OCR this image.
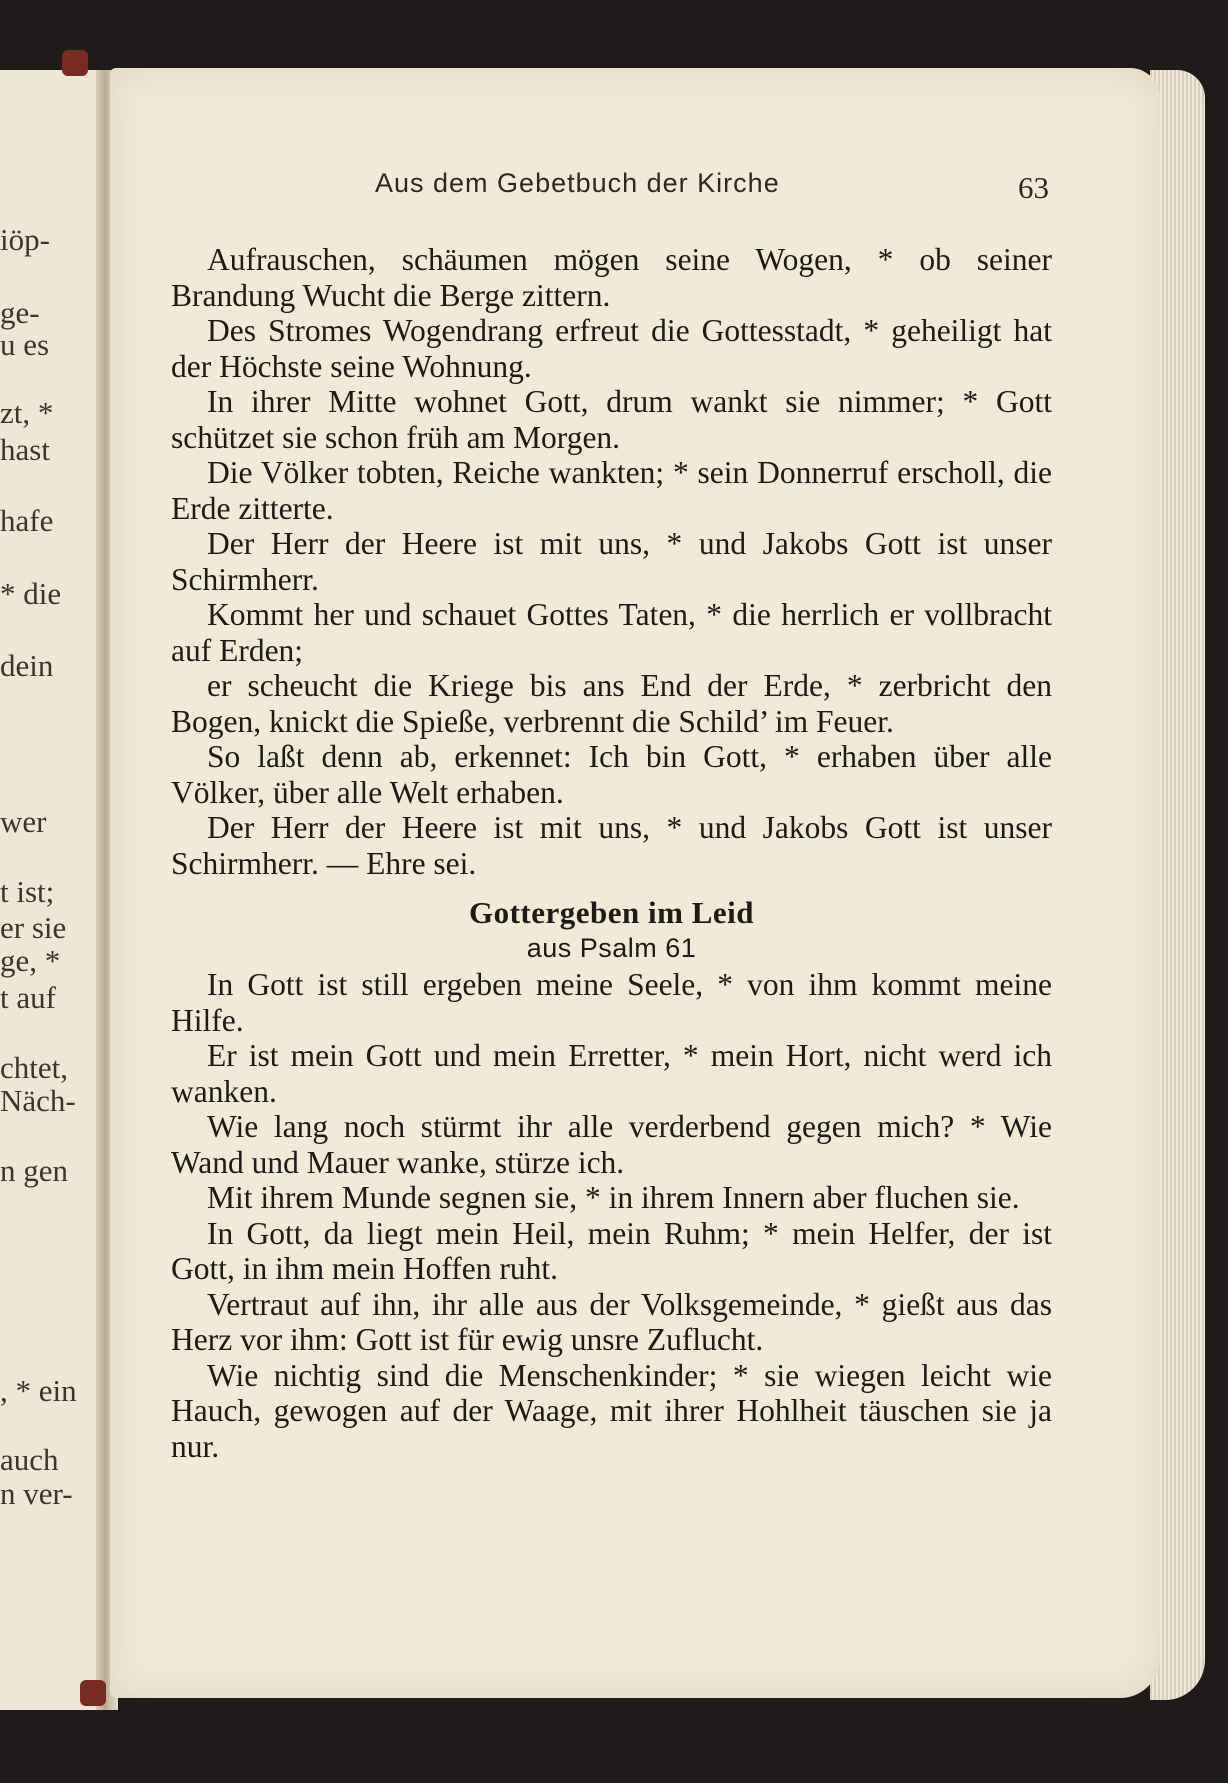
iöp-
ge-
u es
zt, *
hast
hafe
* die
dein
wer
t ist;
er sie
ge, *
t auf
chtet,
Näch-
n gen
, * ein
auch
n ver-
Aus dem Gebetbuch der Kirche	63

Aufrauschen, schäumen mögen seine Wogen, * ob seiner Brandung Wucht die Berge zittern.

Des Stromes Wogendrang erfreut die Gottesstadt, * geheiligt hat der Höchste seine Wohnung.

In ihrer Mitte wohnet Gott, drum wankt sie nimmer; * Gott schützet sie schon früh am Morgen.

Die Völker tobten, Reiche wankten; * sein Donnerruf erscholl, die Erde zitterte.

Der Herr der Heere ist mit uns, * und Jakobs Gott ist unser Schirmherr.

Kommt her und schauet Gottes Taten, * die herrlich er vollbracht auf Erden;

er scheucht die Kriege bis ans End der Erde, * zerbricht den Bogen, knickt die Spieße, verbrennt die Schild’ im Feuer.

So laßt denn ab, erkennet: Ich bin Gott, * erhaben über alle Völker, über alle Welt erhaben.

Der Herr der Heere ist mit uns, * und Jakobs Gott ist unser Schirmherr. — Ehre sei.

Gottergeben im Leid
aus Psalm 61

In Gott ist still ergeben meine Seele, * von ihm kommt meine Hilfe.

Er ist mein Gott und mein Erretter, * mein Hort, nicht werd ich wanken.

Wie lang noch stürmt ihr alle verderbend gegen mich? * Wie Wand und Mauer wanke, stürze ich.

Mit ihrem Munde segnen sie, * in ihrem Innern aber fluchen sie.

In Gott, da liegt mein Heil, mein Ruhm; * mein Helfer, der ist Gott, in ihm mein Hoffen ruht.

Vertraut auf ihn, ihr alle aus der Volksgemeinde, * gießt aus das Herz vor ihm: Gott ist für ewig unsre Zuflucht.

Wie nichtig sind die Menschenkinder; * sie wiegen leicht wie Hauch, gewogen auf der Waage, mit ihrer Hohlheit täuschen sie ja nur.
